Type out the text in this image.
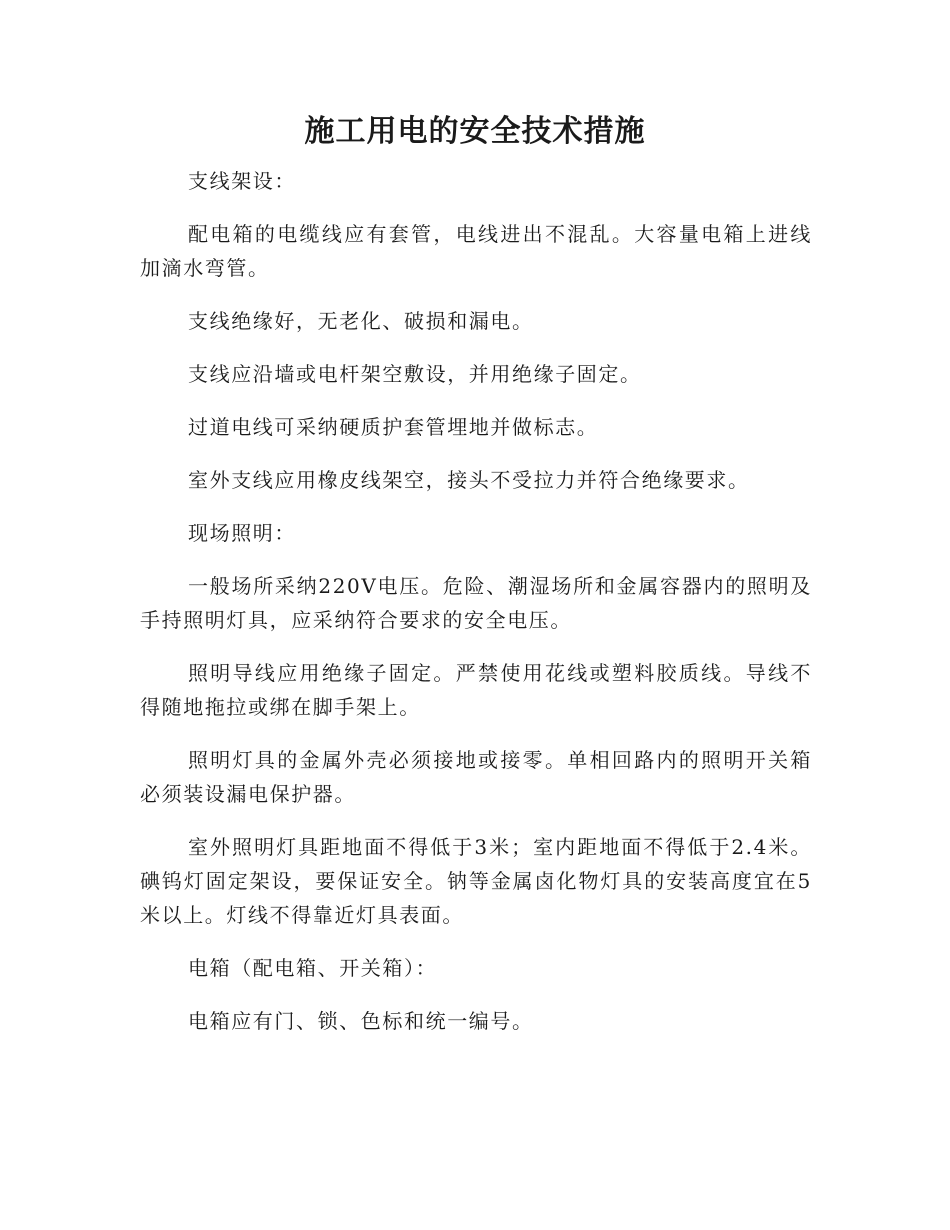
施工用电的安全技术措施

支线架设：

配电箱的电缆线应有套管，电线进出不混乱。大容量电箱上进线加滴水弯管。

支线绝缘好，无老化、破损和漏电。

支线应沿墙或电杆架空敷设，并用绝缘子固定。

过道电线可采纳硬质护套管埋地并做标志。

室外支线应用橡皮线架空，接头不受拉力并符合绝缘要求。

现场照明：

一般场所采纳220V电压。危险、潮湿场所和金属容器内的照明及手持照明灯具，应采纳符合要求的安全电压。

照明导线应用绝缘子固定。严禁使用花线或塑料胶质线。导线不得随地拖拉或绑在脚手架上。

照明灯具的金属外壳必须接地或接零。单相回路内的照明开关箱必须装设漏电保护器。

室外照明灯具距地面不得低于3米；室内距地面不得低于2.4米。碘钨灯固定架设，要保证安全。钠等金属卤化物灯具的安装高度宜在5米以上。灯线不得靠近灯具表面。

电箱（配电箱、开关箱）：

电箱应有门、锁、色标和统一编号。
